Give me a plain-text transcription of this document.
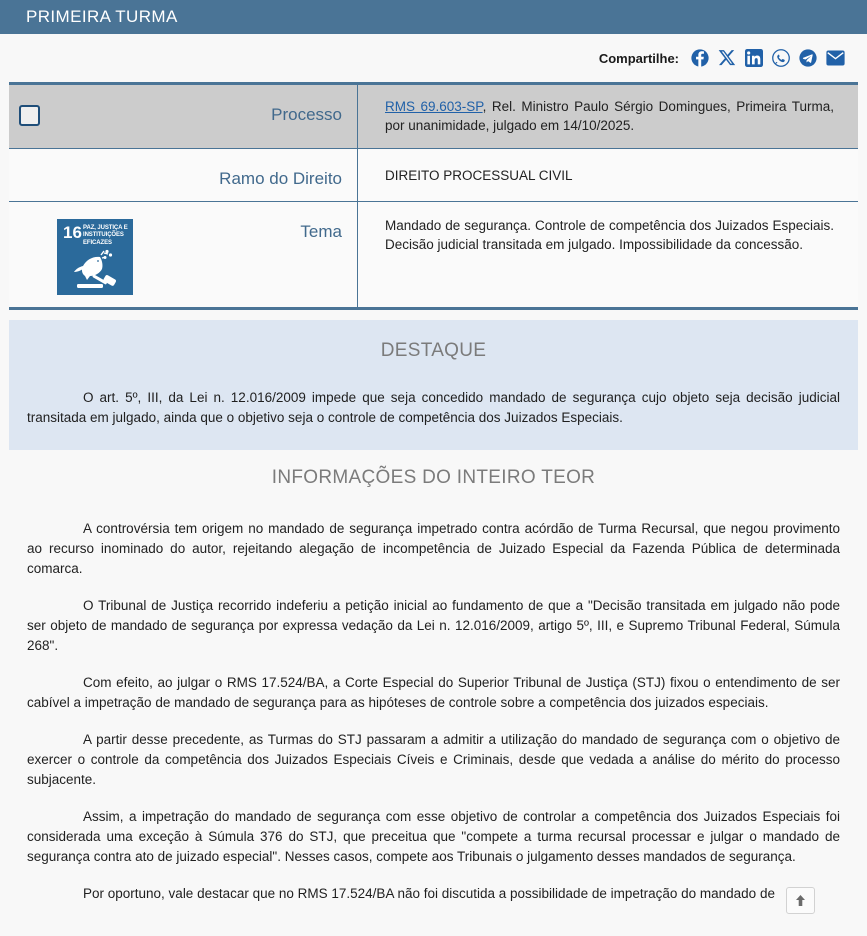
PRIMEIRA TURMA
Compartilhe:
Processo	RMS 69.603-SP, Rel. Ministro Paulo Sérgio Domingues, Primeira Turma, por unanimidade, julgado em 14/10/2025.
Ramo do Direito	DIREITO PROCESSUAL CIVIL
16 PAZ, JUSTIÇA E INSTITUIÇÕES EFICAZES
Tema	Mandado de segurança. Controle de competência dos Juizados Especiais. Decisão judicial transitada em julgado. Impossibilidade da concessão.
DESTAQUE

O art. 5º, III, da Lei n. 12.016/2009 impede que seja concedido mandado de segurança cujo objeto seja decisão judicial transitada em julgado, ainda que o objetivo seja o controle de competência dos Juizados Especiais.

INFORMAÇÕES DO INTEIRO TEOR

A controvérsia tem origem no mandado de segurança impetrado contra acórdão de Turma Recursal, que negou provimento ao recurso inominado do autor, rejeitando alegação de incompetência de Juizado Especial da Fazenda Pública de determinada comarca.

O Tribunal de Justiça recorrido indeferiu a petição inicial ao fundamento de que a "Decisão transitada em julgado não pode ser objeto de mandado de segurança por expressa vedação da Lei n. 12.016/2009, artigo 5º, III, e Supremo Tribunal Federal, Súmula 268".

Com efeito, ao julgar o RMS 17.524/BA, a Corte Especial do Superior Tribunal de Justiça (STJ) fixou o entendimento de ser cabível a impetração de mandado de segurança para as hipóteses de controle sobre a competência dos juizados especiais.

A partir desse precedente, as Turmas do STJ passaram a admitir a utilização do mandado de segurança com o objetivo de exercer o controle da competência dos Juizados Especiais Cíveis e Criminais, desde que vedada a análise do mérito do processo subjacente.

Assim, a impetração do mandado de segurança com esse objetivo de controlar a competência dos Juizados Especiais foi considerada uma exceção à Súmula 376 do STJ, que preceitua que "compete a turma recursal processar e julgar o mandado de segurança contra ato de juizado especial". Nesses casos, compete aos Tribunais o julgamento desses mandados de segurança.

Por oportuno, vale destacar que no RMS 17.524/BA não foi discutida a possibilidade de impetração do mandado de
